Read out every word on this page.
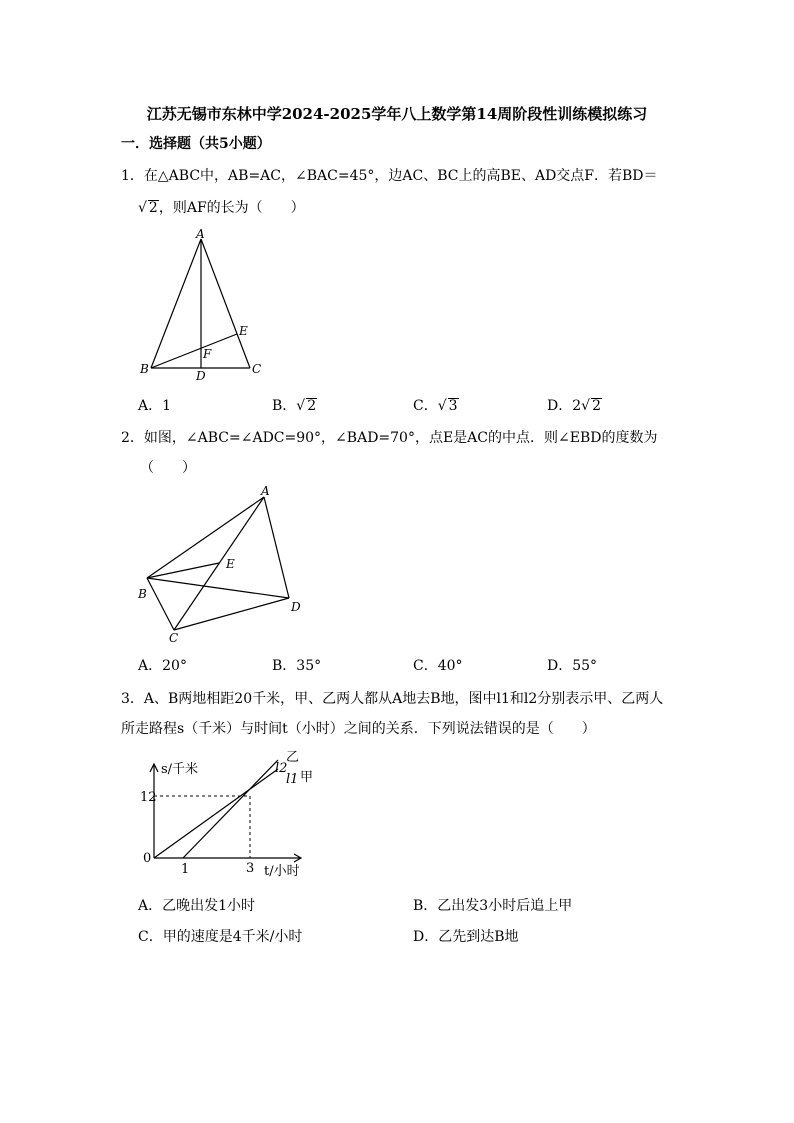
江苏无锡市东林中学2024-2025学年八上数学第14周阶段性训练模拟练习
一．选择题（共5小题）
1．在△ABC中，AB=AC，∠BAC=45°，边AC、BC上的高BE、AD交点F．若BD＝
√ 2，则AF的长为（　　）
A
B	C
D
E
F
A．1	B．√ 2	C．√ 3	D．2√ 2
2．如图，∠ABC=∠ADC=90°，∠BAD=70°，点E是AC的中点．则∠EBD的度数为
（　　）
A
B
C
D
E
A．20°	B．35°	C．40°	D．55°
3．A、B两地相距20千米，甲、乙两人都从A地去B地，图中l1和l2分别表示甲、乙两人
所走路程s（千米）与时间t（小时）之间的关系．下列说法错误的是（　　）
s/千米
12
0
1	3 t/小时
l2
乙
l1 甲
A．乙晚出发1小时	B．乙出发3小时后追上甲
C．甲的速度是4千米/小时	D．乙先到达B地
